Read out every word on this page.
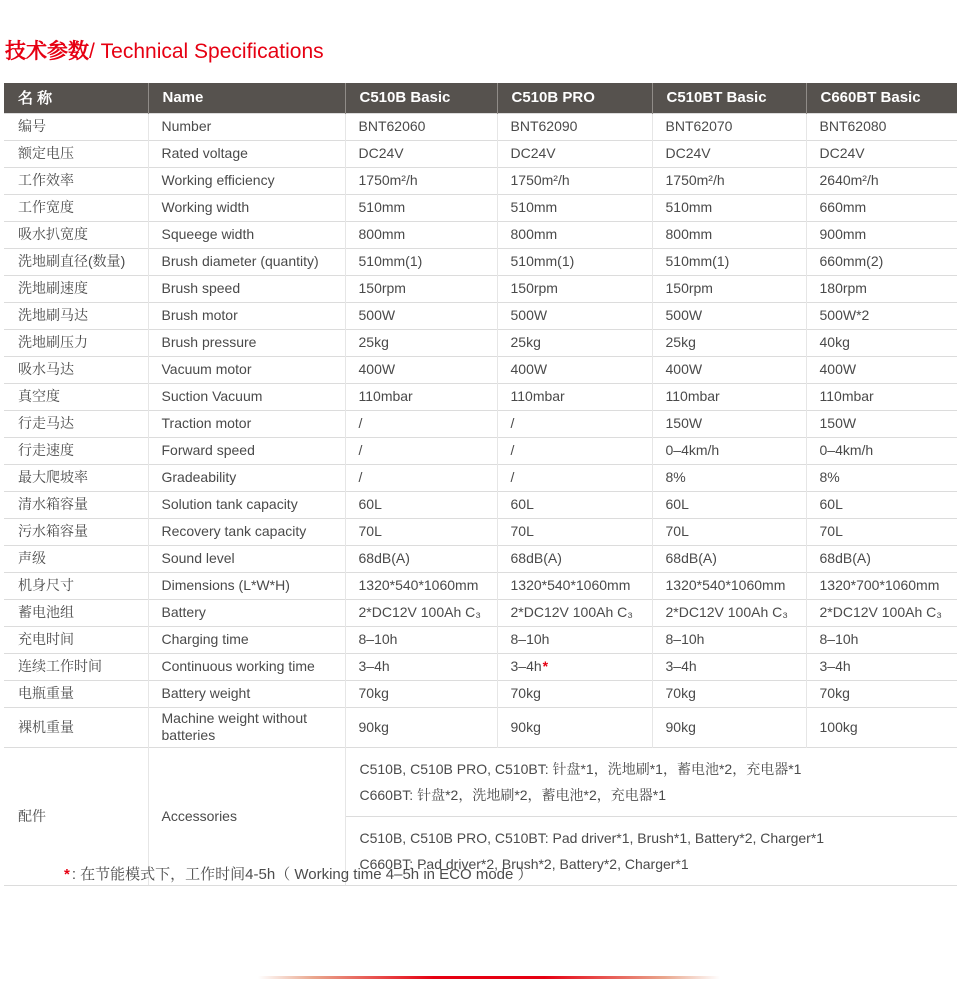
技术参数/ Technical Specifications
名 称	Name	C510B Basic	C510B PRO	C510BT Basic	C660BT Basic
编号	Number	BNT62060	BNT62090	BNT62070	BNT62080
额定电压	Rated voltage	DC24V	DC24V	DC24V	DC24V
工作效率	Working efficiency	1750m²/h	1750m²/h	1750m²/h	2640m²/h
工作宽度	Working width	510mm	510mm	510mm	660mm
吸水扒宽度	Squeege width	800mm	800mm	800mm	900mm
洗地刷直径(数量)	Brush diameter (quantity)	510mm(1)	510mm(1)	510mm(1)	660mm(2)
洗地刷速度	Brush speed	150rpm	150rpm	150rpm	180rpm
洗地刷马达	Brush motor	500W	500W	500W	500W*2
洗地刷压力	Brush pressure	25kg	25kg	25kg	40kg
吸水马达	Vacuum motor	400W	400W	400W	400W
真空度	Suction Vacuum	110mbar	110mbar	110mbar	110mbar
行走马达	Traction motor	/	/	150W	150W
行走速度	Forward speed	/	/	0–4km/h	0–4km/h
最大爬坡率	Gradeability	/	/	8%	8%
清水箱容量	Solution tank capacity	60L	60L	60L	60L
污水箱容量	Recovery tank capacity	70L	70L	70L	70L
声级	Sound level	68dB(A)	68dB(A)	68dB(A)	68dB(A)
机身尺寸	Dimensions (L*W*H)	1320*540*1060mm	1320*540*1060mm	1320*540*1060mm	1320*700*1060mm
蓄电池组	Battery	2*DC12V 100Ah C₃	2*DC12V 100Ah C₃	2*DC12V 100Ah C₃	2*DC12V 100Ah C₃
充电时间	Charging time	8–10h	8–10h	8–10h	8–10h
连续工作时间	Continuous working time	3–4h	3–4h*	3–4h	3–4h
电瓶重量	Battery weight	70kg	70kg	70kg	70kg
裸机重量	Machine weight without batteries	90kg	90kg	90kg	100kg
配件	Accessories	C510B, C510B PRO, C510BT: 针盘*1，洗地刷*1，蓄电池*2，充电器*1
C660BT: 针盘*2，洗地刷*2，蓄电池*2，充电器*1
C510B, C510B PRO, C510BT: Pad driver*1, Brush*1, Battery*2, Charger*1
C660BT: Pad driver*2, Brush*2, Battery*2, Charger*1			
* : 在节能模式下，工作时间4-5h（ Working time 4–5h in ECO mode ）
